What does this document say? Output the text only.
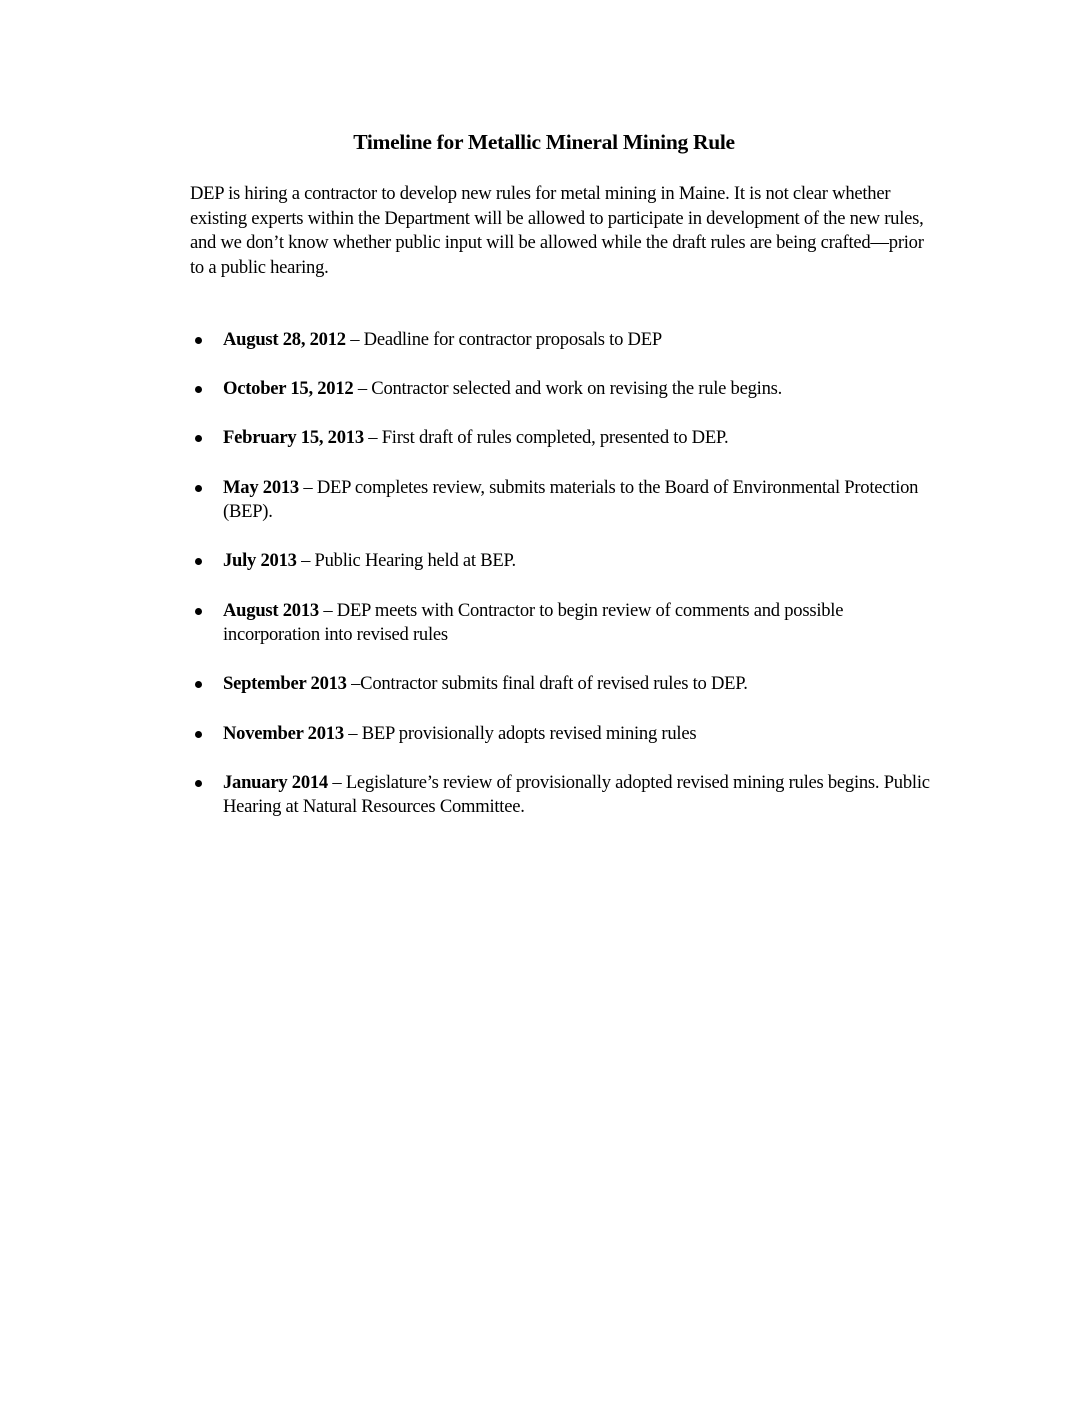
Timeline for Metallic Mineral Mining Rule

DEP is hiring a contractor to develop new rules for metal mining in Maine. It is not clear whether existing experts within the Department will be allowed to participate in development of the new rules, and we don’t know whether public input will be allowed while the draft rules are being crafted—prior to a public hearing.

August 28, 2012 – Deadline for contractor proposals to DEP
October 15, 2012 – Contractor selected and work on revising the rule begins.
February 15, 2013 – First draft of rules completed, presented to DEP.
May 2013 – DEP completes review, submits materials to the Board of Environmental Protection (BEP).
July 2013 – Public Hearing held at BEP.
August 2013 – DEP meets with Contractor to begin review of comments and possible incorporation into revised rules
September 2013 –Contractor submits final draft of revised rules to DEP.
November 2013 – BEP provisionally adopts revised mining rules
January 2014 – Legislature’s review of provisionally adopted revised mining rules begins. Public Hearing at Natural Resources Committee.
